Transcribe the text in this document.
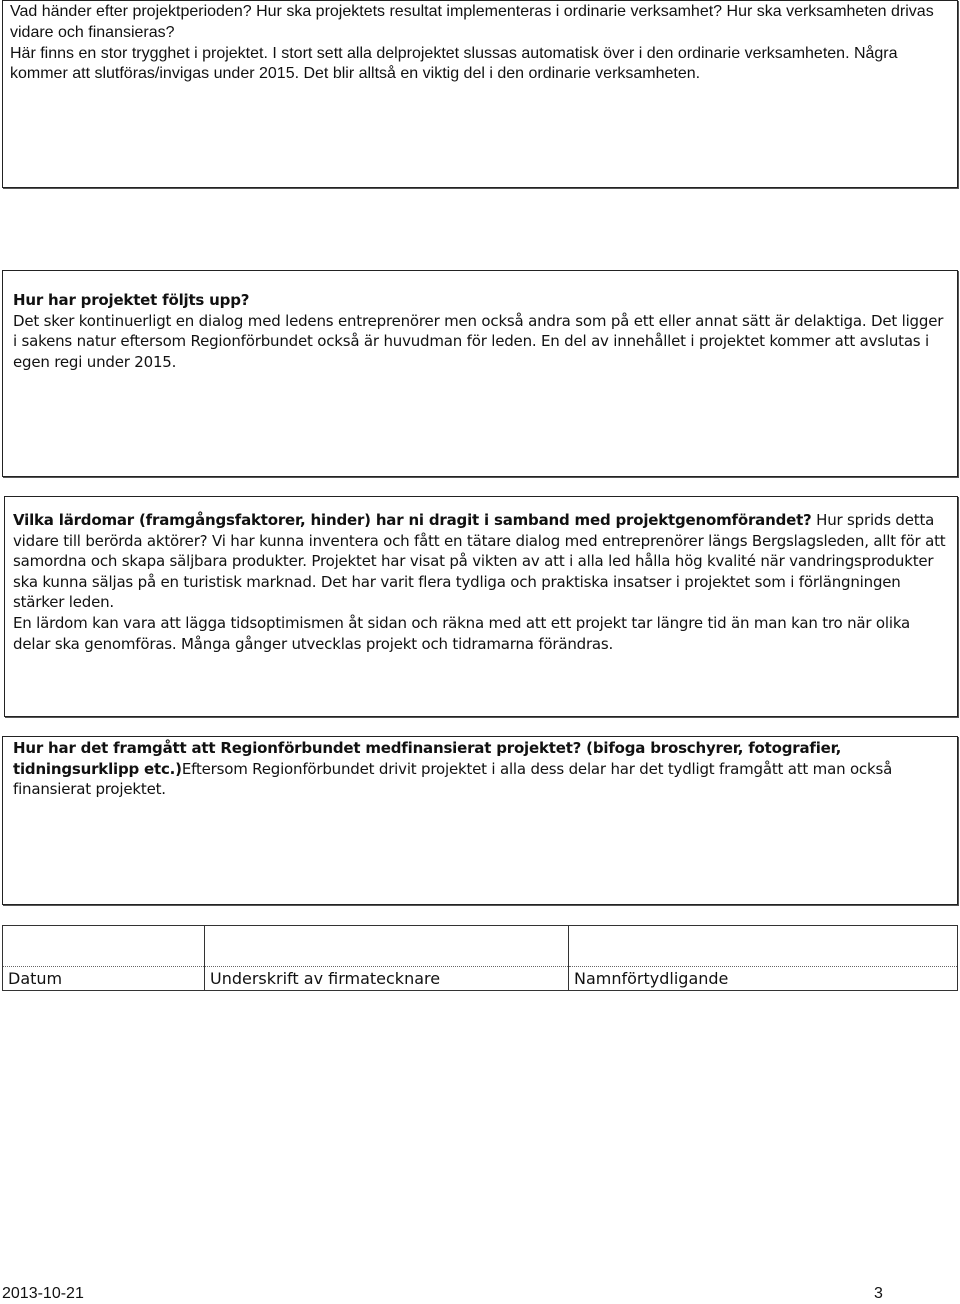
Vad händer efter projektperioden? Hur ska projektets resultat implementeras i ordinarie verksamhet? Hur ska verksamheten drivas vidare och finansieras?

Här finns en stor trygghet i projektet. I stort sett alla delprojektet slussas automatisk över i den ordinarie verksamheten. Några kommer att slutföras/invigas under 2015. Det blir alltså en viktig del i den ordinarie verksamheten.

Hur har projektet följts upp?

Det sker kontinuerligt en dialog med ledens entreprenörer men också andra som på ett eller annat sätt är delaktiga. Det ligger i sakens natur eftersom Regionförbundet också är huvudman för leden. En del av innehållet i projektet kommer att avslutas i egen regi under 2015.

Vilka lärdomar (framgångsfaktorer, hinder) har ni dragit i samband med projektgenomförandet? Hur sprids detta vidare till berörda aktörer? Vi har kunna inventera och fått en tätare dialog med entreprenörer längs Bergslagsleden, allt för att samordna och skapa säljbara produkter. Projektet har visat på vikten av att i alla led hålla hög kvalité när vandringsprodukter ska kunna säljas på en turistisk marknad. Det har varit flera tydliga och praktiska insatser i projektet som i förlängningen stärker leden.

En lärdom kan vara att lägga tidsoptimismen åt sidan och räkna med att ett projekt tar längre tid än man kan tro när olika delar ska genomföras. Många gånger utvecklas projekt och tidramarna förändras.

Hur har det framgått att Regionförbundet medfinansierat projektet? (bifoga broschyrer, fotografier, tidningsurklipp etc.)Eftersom Regionförbundet drivit projektet i alla dess delar har det tydligt framgått att man också finansierat projektet.

Datum	Underskrift av firmatecknare	Namnförtydligande
2013-10-21	3
